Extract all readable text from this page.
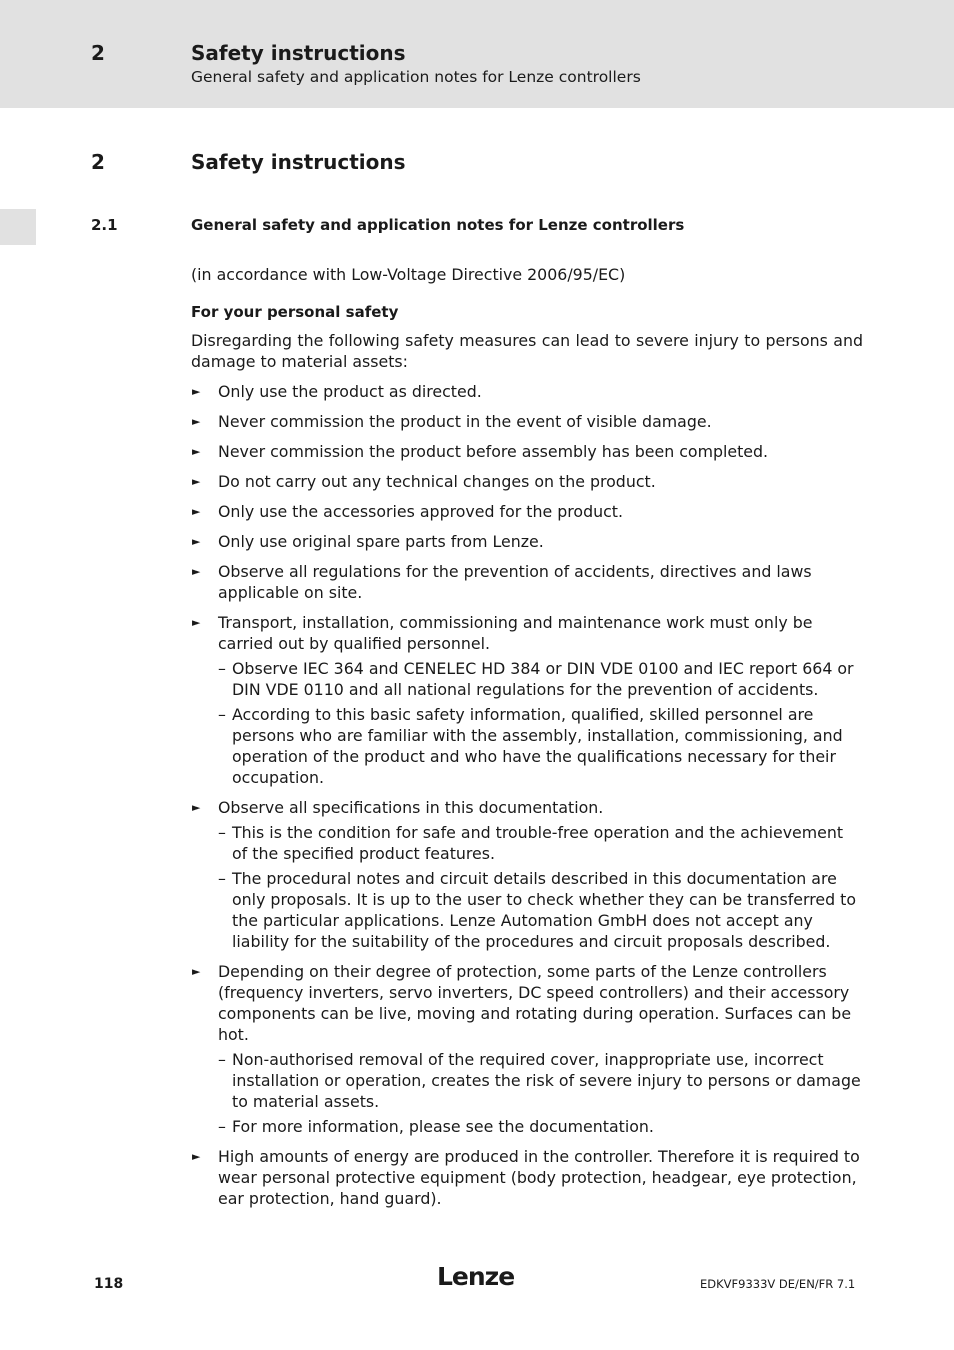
2	Safety instructions
General safety and application notes for Lenze controllers
2	Safety instructions
2.1	General safety and application notes for Lenze controllers

(in accordance with Low-Voltage Directive 2006/95/EC)

For your personal safety

Disregarding the following safety measures can lead to severe injury to persons and damage to material assets:

► Only use the product as directed.
► Never commission the product in the event of visible damage.
► Never commission the product before assembly has been completed.
► Do not carry out any technical changes on the product.
► Only use the accessories approved for the product.
► Only use original spare parts from Lenze.
► Observe all regulations for the prevention of accidents, directives and laws applicable on site.
► Transport, installation, commissioning and maintenance work must only be carried out by qualified personnel.
– Observe IEC 364 and CENELEC HD 384 or DIN VDE 0100 and IEC report 664 or DIN VDE 0110 and all national regulations for the prevention of accidents.
– According to this basic safety information, qualified, skilled personnel are persons who are familiar with the assembly, installation, commissioning, and operation of the product and who have the qualifications necessary for their occupation.
► Observe all specifications in this documentation.
– This is the condition for safe and trouble-free operation and the achievement of the specified product features.
– The procedural notes and circuit details described in this documentation are only proposals. It is up to the user to check whether they can be transferred to the particular applications. Lenze Automation GmbH does not accept any liability for the suitability of the procedures and circuit proposals described.
► Depending on their degree of protection, some parts of the Lenze controllers (frequency inverters, servo inverters, DC speed controllers) and their accessory components can be live, moving and rotating during operation. Surfaces can be hot.
– Non-authorised removal of the required cover, inappropriate use, incorrect installation or operation, creates the risk of severe injury to persons or damage to material assets.
– For more information, please see the documentation.
► High amounts of energy are produced in the controller. Therefore it is required to wear personal protective equipment (body protection, headgear, eye protection, ear protection, hand guard).
118	Lenze	EDKVF9333V DE/EN/FR 7.1
